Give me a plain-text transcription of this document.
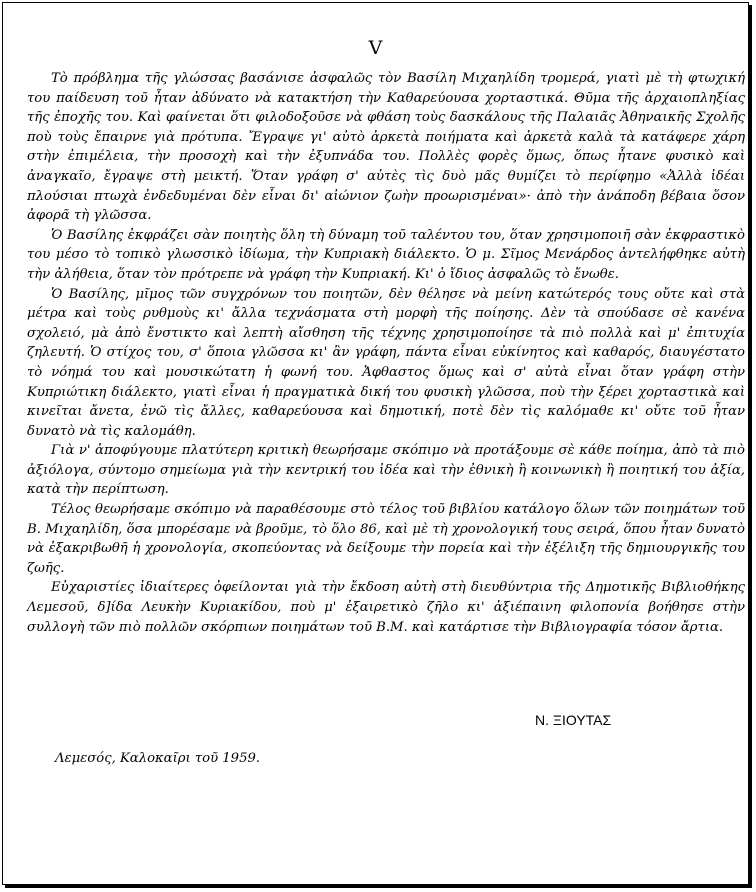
V

Τὸ πρόβλημα τῆς γλώσσας βασάνισε ἀσφαλῶς τὸν Βασίλη Μιχαηλίδη τρομερά, γιατὶ μὲ τὴ φτωχική του παίδευση τοῦ ἦταν ἀδύνατο νὰ κατακτήση τὴν Καθαρεύουσα χορταστικά. Θῦμα τῆς ἀρχαιοπληξίας τῆς ἐποχῆς του. Καὶ φαίνεται ὅτι φιλοδοξοῦσε νὰ φθάση τοὺς δασκάλους τῆς Παλαιᾶς Ἀθηναικῆς Σχολῆς ποὺ τοὺς ἔπαιρνε γιὰ πρότυπα. Ἔγραψε γι' αὐτὸ ἀρκετὰ ποιήματα καὶ ἀρκετὰ καλὰ τὰ κατάφερε χάρη στὴν ἐπιμέλεια, τὴν προσοχὴ καὶ τὴν ἐξυπνάδα του. Πολλὲς φορὲς ὅμως, ὅπως ἦτανε φυσικὸ καὶ ἀναγκαῖο, ἔγραψε στὴ μεικτή. Ὅταν γράφη σ' αὐτὲς τὶς δυὸ μᾶς θυμίζει τὸ περίφημο «Ἀλλὰ ἰδέαι πλούσιαι πτωχὰ ἐνδεδυμέναι δὲν εἶναι δι' αἰώνιον ζωὴν προωρισμέναι»· ἀπὸ τὴν ἀνάποδη βέβαια ὅσον ἀφορᾶ τὴ γλῶσσα.

Ὁ Βασίλης ἐκφράζει σὰν ποιητὴς ὅλη τὴ δύναμη τοῦ ταλέντου του, ὅταν χρησιμοποιῆ σὰν ἐκφραστικὸ του μέσο τὸ τοπικὸ γλωσσικὸ ἰδίωμα, τὴν Κυπριακὴ διάλεκτο. Ὁ μ. Σῖμος Μενάρδος ἀντελήφθηκε αὐτὴ τὴν ἀλήθεια, ὅταν τὸν πρότρεπε νὰ γράφη τὴν Κυπριακή. Κι' ὁ ἴδιος ἀσφαλῶς τὸ ἔνωθε.

Ὁ Βασίλης, μῖμος τῶν συγχρόνων του ποιητῶν, δὲν θέλησε νὰ μείνη κατώτερός τους οὔτε καὶ στὰ μέτρα καὶ τοὺς ρυθμοὺς κι' ἄλλα τεχνάσματα στὴ μορφὴ τῆς ποίησης. Δὲν τὰ σπούδασε σὲ κανένα σχολειό, μὰ ἀπὸ ἔνστικτο καὶ λεπτὴ αἴσθηση τῆς τέχνης χρησιμοποίησε τὰ πιὸ πολλὰ καὶ μ' ἐπιτυχία ζηλευτή. Ὁ στίχος του, σ' ὅποια γλῶσσα κι' ἂν γράφη, πάντα εἶναι εὐκίνητος καὶ καθαρός, διαυγέστατο τὸ νόημά του καὶ μουσικώτατη ἡ φωνή του. Ἀφθαστος ὅμως καὶ σ' αὐτὰ εἶναι ὅταν γράφη στὴν Κυπριώτικη διάλεκτο, γιατὶ εἶναι ἡ πραγματικὰ δική του φυσικὴ γλῶσσα, ποὺ τὴν ξέρει χορταστικὰ καὶ κινεῖται ἄνετα, ἐνῶ τὶς ἄλλες, καθαρεύουσα καὶ δημοτική, ποτὲ δὲν τὶς καλόμαθε κι' οὔτε τοῦ ἦταν δυνατὸ νὰ τὶς καλομάθη.

Γιὰ ν' ἀποφύγουμε πλατύτερη κριτικὴ θεωρήσαμε σκόπιμο νὰ προτάξουμε σὲ κάθε ποίημα, ἀπὸ τὰ πιὸ ἀξιόλογα, σύντομο σημείωμα γιὰ τὴν κεντρική του ἰδέα καὶ τὴν ἐθνικὴ ἢ κοινωνικὴ ἢ ποιητική του ἀξία, κατὰ τὴν περίπτωση.

Τέλος θεωρήσαμε σκόπιμο νὰ παραθέσουμε στὸ τέλος τοῦ βιβλίου κατάλογο ὅλων τῶν ποιημάτων τοῦ Β. Μιχαηλίδη, ὅσα μπορέσαμε νὰ βροῦμε, τὸ ὅλο 86, καὶ μὲ τὴ χρονολογική τους σειρά, ὅπου ἦταν δυνατὸ νὰ ἐξακριβωθῆ ἡ χρονολογία, σκοπεύοντας νὰ δείξουμε τὴν πορεία καὶ τὴν ἐξέλιξη τῆς δημιουργικῆς του ζωῆς.

Εὐχαριστίες ἰδιαίτερες ὀφείλονται γιὰ τὴν ἔκδοση αὐτὴ στὴ διευθύντρια τῆς Δημοτικῆς Βιβλιοθήκης Λεμεσοῦ, δ]ίδα Λευκὴν Κυριακίδου, ποὺ μ' ἐξαιρετικὸ ζῆλο κι' ἀξιέπαινη φιλοπονία βοήθησε στὴν συλλογὴ τῶν πιὸ πολλῶν σκόρπιων ποιημάτων τοῦ Β.Μ. καὶ κατάρτισε τὴν Βιβλιογραφία τόσον ἄρτια.

Ν. ΞΙΟΥΤΑΣ
Λεμεσός, Καλοκαῖρι τοῦ 1959.
